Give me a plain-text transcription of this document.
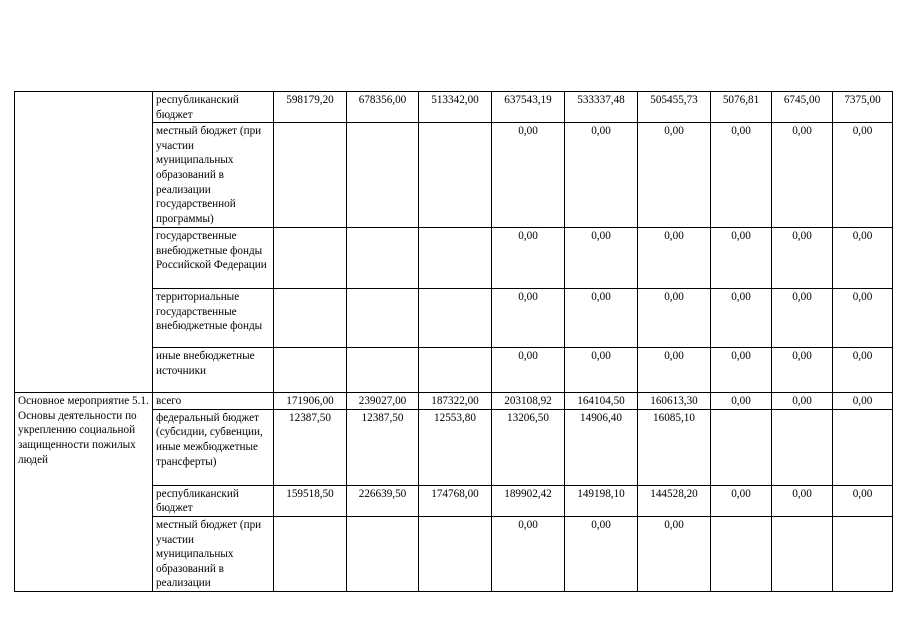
	республиканский бюджет	598179,20	678356,00	513342,00	637543,19	533337,48	505455,73	5076,81	6745,00	7375,00
	местный бюджет (при участии муниципальных образований в реализации государственной программы)				0,00	0,00	0,00	0,00	0,00	0,00
	государственные внебюджетные фонды Российской Федерации				0,00	0,00	0,00	0,00	0,00	0,00
	территориальные государственные внебюджетные фонды				0,00	0,00	0,00	0,00	0,00	0,00
	иные внебюджетные источники				0,00	0,00	0,00	0,00	0,00	0,00
Основное мероприятие 5.1. Основы деятельности по укреплению социальной защищенности пожилых людей	всего	171906,00	239027,00	187322,00	203108,92	164104,50	160613,30	0,00	0,00	0,00
	федеральный бюджет (субсидии, субвенции, иные межбюджетные трансферты)	12387,50	12387,50	12553,80	13206,50	14906,40	16085,10			
	республиканский бюджет	159518,50	226639,50	174768,00	189902,42	149198,10	144528,20	0,00	0,00	0,00
	местный бюджет (при участии муниципальных образований в реализации				0,00	0,00	0,00			
